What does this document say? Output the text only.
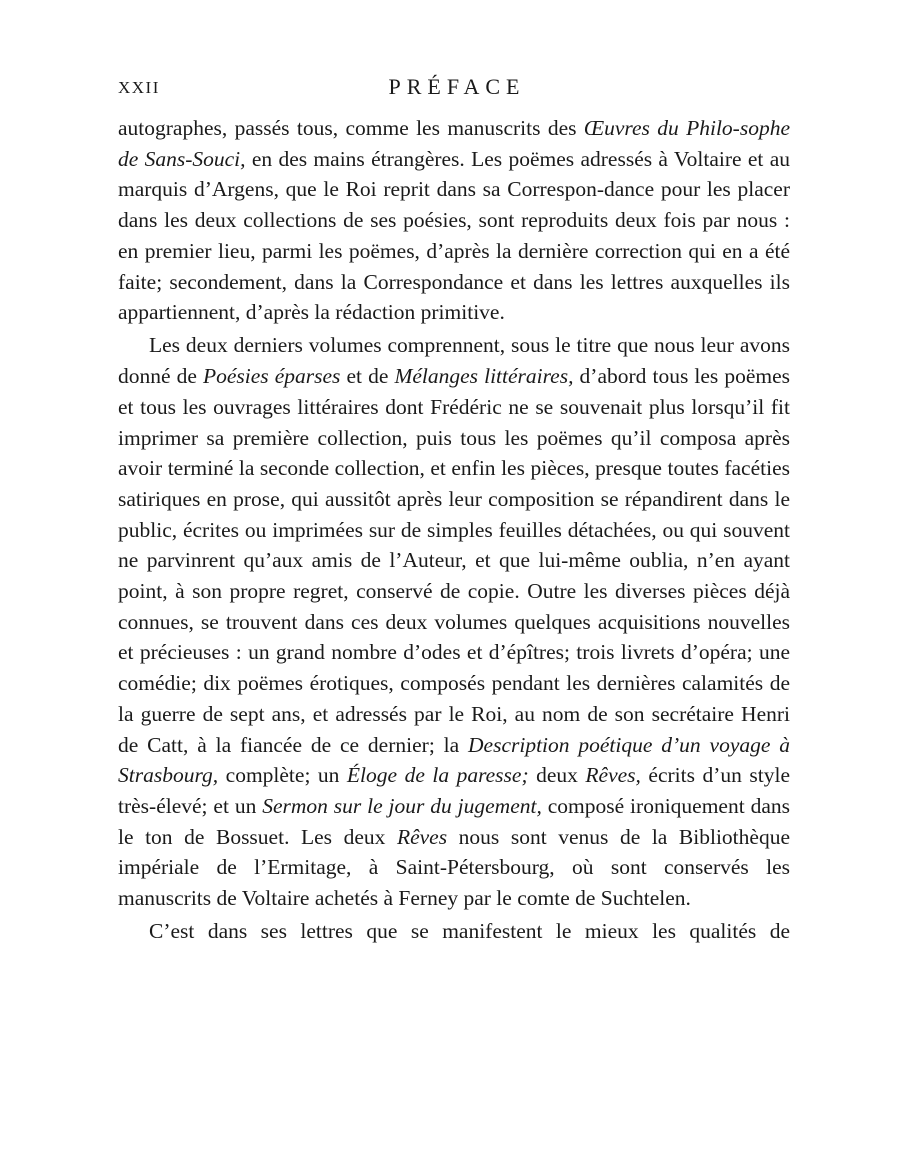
XXII	PRÉFACE

autographes, passés tous, comme les manuscrits des Œuvres du Philo-sophe de Sans-Souci, en des mains étrangères. Les poëmes adressés à Voltaire et au marquis d’Argens, que le Roi reprit dans sa Correspon-dance pour les placer dans les deux collections de ses poésies, sont reproduits deux fois par nous : en premier lieu, parmi les poëmes, d’après la dernière correction qui en a été faite; secondement, dans la Correspondance et dans les lettres auxquelles ils appartiennent, d’après la rédaction primitive.

Les deux derniers volumes comprennent, sous le titre que nous leur avons donné de Poésies éparses et de Mélanges littéraires, d’abord tous les poëmes et tous les ouvrages littéraires dont Frédéric ne se souvenait plus lorsqu’il fit imprimer sa première collection, puis tous les poëmes qu’il composa après avoir terminé la seconde collection, et enfin les pièces, presque toutes facéties satiriques en prose, qui aussitôt après leur composition se répandirent dans le public, écrites ou imprimées sur de simples feuilles détachées, ou qui souvent ne parvinrent qu’aux amis de l’Auteur, et que lui-même oublia, n’en ayant point, à son propre regret, conservé de copie. Outre les diverses pièces déjà connues, se trouvent dans ces deux volumes quelques acquisitions nouvelles et précieuses : un grand nombre d’odes et d’épîtres; trois livrets d’opéra; une comédie; dix poëmes érotiques, composés pendant les dernières calamités de la guerre de sept ans, et adressés par le Roi, au nom de son secrétaire Henri de Catt, à la fiancée de ce dernier; la Description poétique d’un voyage à Strasbourg, complète; un Éloge de la paresse; deux Rêves, écrits d’un style très-élevé; et un Sermon sur le jour du jugement, composé ironiquement dans le ton de Bossuet. Les deux Rêves nous sont venus de la Bibliothèque impériale de l’Ermitage, à Saint-Pétersbourg, où sont conservés les manuscrits de Voltaire achetés à Ferney par le comte de Suchtelen.

C’est dans ses lettres que se manifestent le mieux les qualités de
